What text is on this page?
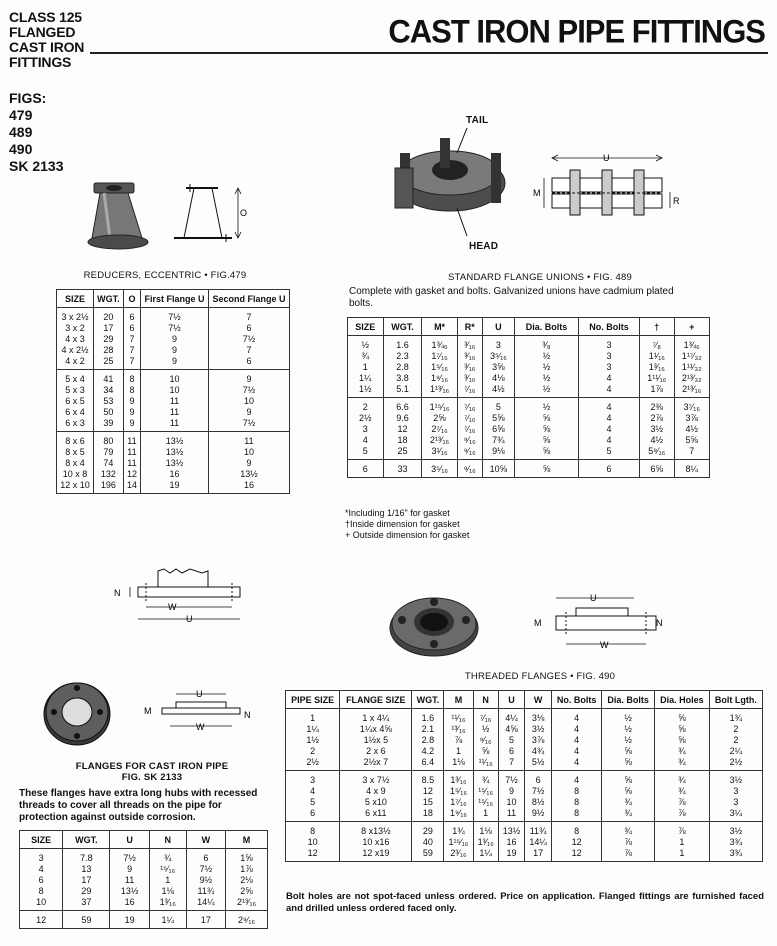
CLASS 125
FLANGED
CAST IRON
FITTINGS
FIGS:
479
489
490
SK 2133
CAST IRON PIPE FITTINGS
O
TAIL
HEAD
U
M
R
REDUCERS, ECCENTRIC • FIG.479
SIZE	WGT.	O	First Flange U	Second Flange U
3 x 2½	20	6	7½	7
3 x 2	17	6	7½	6
4 x 3	29	7	9	7½
4 x 2½	28	7	9	7
4 x 2	25	7	9	6
5 x 4	41	8	10	9
5 x 3	34	8	10	7½
6 x 5	53	9	11	10
6 x 4	50	9	11	9
6 x 3	39	9	11	7½
8 x 6	80	11	13½	11
8 x 5	79	11	13½	10
8 x 4	74	11	13½	9
10 x 8	132	12	16	13½
12 x 10	196	14	19	16
STANDARD FLANGE UNIONS • FIG. 489
Complete with gasket and bolts. Galvanized unions have cadmium plated bolts.
SIZE	WGT.	M*	R*	U	Dia. Bolts	No. Bolts	†	+
½	1.6	1¾₆	³⁄₁₆	3	³⁄₈	3	⁷⁄₈	1¾₆
¾	2.3	1⁷⁄₁₆	³⁄₁₆	3⁵⁄₁₆	½	3	1¹⁄₁₆	1¹⁷⁄₃₂
1	2.8	1⁵⁄₁₆	³⁄₁₆	3⅝	½	3	1³⁄₁₆	1¹¹⁄₃₂
1¼	3.8	1⁹⁄₁₆	³⁄₁₆	4⅛	½	4	1¹¹⁄₁₆	2¹³⁄₃₂
1½	5.1	1¹³⁄₁₆	⁷⁄₁₆	4½	½	4	1⅞	2¹³⁄₁₆
2	6.6	1¹⁵⁄₁₆	⁷⁄₁₆	5	½	4	2⅜	3⁷⁄₁₆
2½	9.6	2⅝	⁷⁄₁₆	5⅝	⅝	4	2⅞	3⅞
3	12	2⁷⁄₁₆	⁷⁄₁₆	6⅝	⅝	4	3½	4½
4	18	2¹³⁄₁₆	⁹⁄₁₆	7¾	⅝	4	4½	5⅝
5	25	3¹⁄₁₆	⁹⁄₁₆	9⅛	⅝	5	5⁹⁄₁₆	7
6	33	3⁵⁄₁₆	⁹⁄₁₆	10⅝	⅝	6	6⅝	8¼
*Including 1/16" for gasket
†Inside dimension for gasket
+ Outside dimension for gasket
W
U
N	U
W
M	N
THREADED FLANGES • FIG. 490
U
W
M	N
PIPE SIZE	FLANGE SIZE	WGT.	M	N	U	W	No. Bolts	Dia. Bolts	Dia. Holes	Bolt Lgth.
1	1 x 4¼	1.6	¹¹⁄₁₆	⁷⁄₁₆	4¼	3⅛	4	½	⅝	1¾
1¼	1¼x 4⅝	2.1	¹³⁄₁₆	½	4⅝	3½	4	½	⅝	2
1½	1½x 5	2.8	⅞	⁹⁄₁₆	5	3⅞	4	½	⅝	2
2	2 x 6	4.2	1	⅝	6	4¾	4	⅝	¾	2¼
2½	2½x 7	6.4	1⅛	¹¹⁄₁₆	7	5½	4	⅝	¾	2½
3	3 x 7½	8.5	1³⁄₁₆	¾	7½	6	4	⅝	¾	3½
4	4 x 9	12	1⁵⁄₁₆	¹⁵⁄₁₆	9	7½	8	⅝	¾	3
5	5 x10	15	1⁷⁄₁₆	¹⁵⁄₁₆	10	8½	8	¾	⅞	3
6	6 x11	18	1⁹⁄₁₆	1	11	9½	8	¾	⅞	3¼
8	8 x13½	29	1¾	1⅛	13½	11¾	8	¾	⅞	3½
10	10 x16	40	1¹⁵⁄₁₆	1³⁄₁₆	16	14¼	12	⅞	1	3¾
12	12 x19	59	2³⁄₁₆	1¼	19	17	12	⅞	1	3¾
FLANGES FOR CAST IRON PIPE
FIG. SK 2133
These flanges have extra long hubs with recessed threads to cover all threads on the pipe for protection against outside corrosion.
SIZE	WGT.	U	N	W	M
3	7.8	7½	¾	6	1⅝
4	13	9	¹⁵⁄₁₆	7½	1⅞
6	17	11	1	9½	2⅛
8	29	13½	1⅛	11¾	2⅝
10	37	16	1³⁄₁₆	14¼	2¹³⁄₁₆
12	59	19	1¼	17	2⁹⁄₁₆
Bolt holes are not spot-faced unless ordered. Price on application. Flanged fittings are furnished faced and drilled unless ordered faced only.
